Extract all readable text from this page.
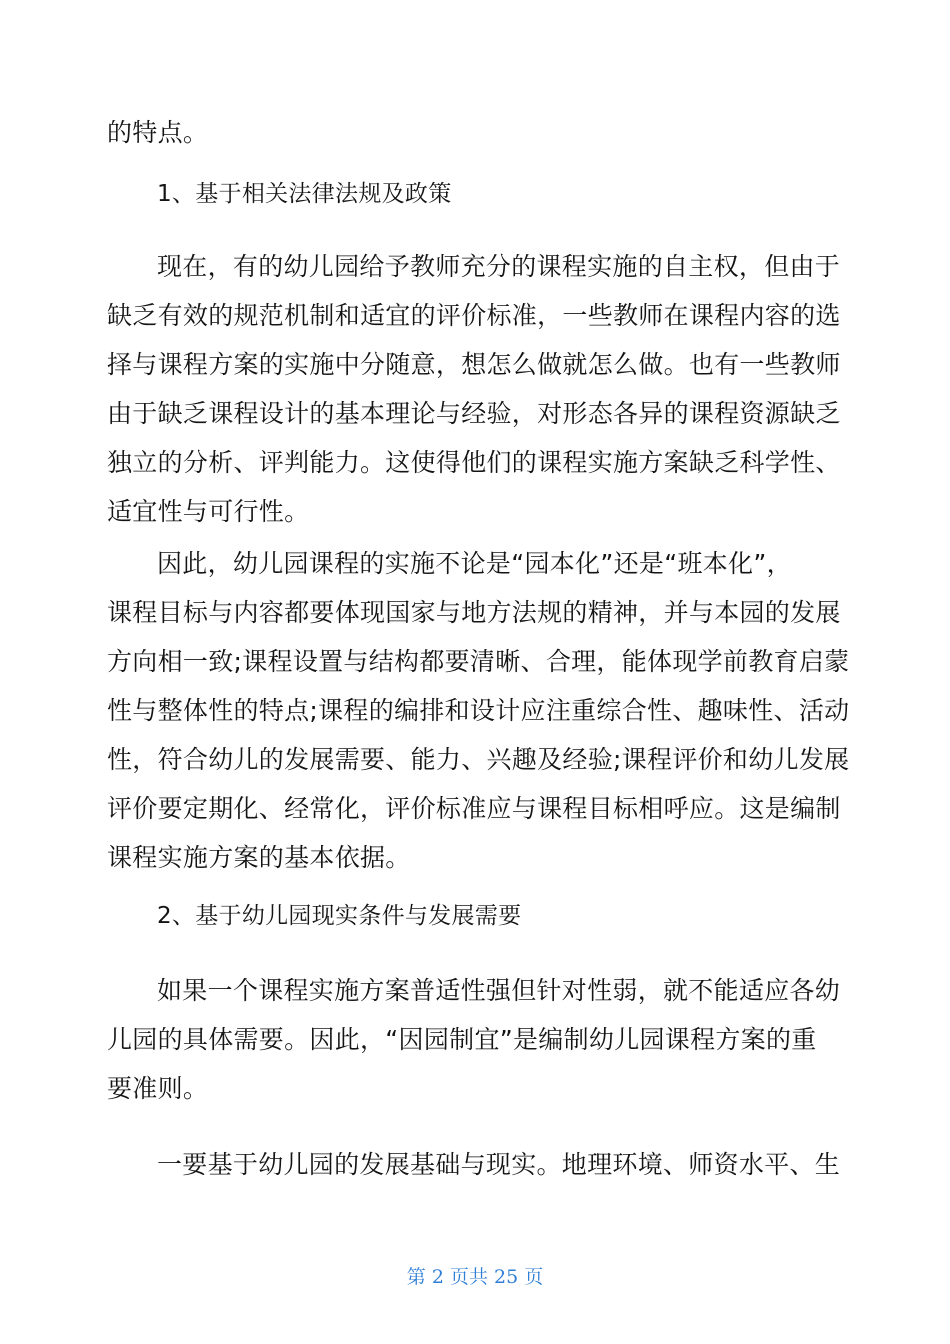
的特点。
1、基于相关法律法规及政策
现在，有的幼儿园给予教师充分的课程实施的自主权，但由于
缺乏有效的规范机制和适宜的评价标准，一些教师在课程内容的选
择与课程方案的实施中分随意，想怎么做就怎么做。也有一些教师
由于缺乏课程设计的基本理论与经验，对形态各异的课程资源缺乏
独立的分析、评判能力。这使得他们的课程实施方案缺乏科学性、
适宜性与可行性。
因此，幼儿园课程的实施不论是“园本化”还是“班本化”，
课程目标与内容都要体现国家与地方法规的精神，并与本园的发展
方向相一致;课程设置与结构都要清晰、合理，能体现学前教育启蒙
性与整体性的特点;课程的编排和设计应注重综合性、趣味性、活动
性，符合幼儿的发展需要、能力、兴趣及经验;课程评价和幼儿发展
评价要定期化、经常化，评价标准应与课程目标相呼应。这是编制
课程实施方案的基本依据。
2、基于幼儿园现实条件与发展需要
如果一个课程实施方案普适性强但针对性弱，就不能适应各幼
儿园的具体需要。因此，“因园制宜”是编制幼儿园课程方案的重
要准则。
一要基于幼儿园的发展基础与现实。地理环境、师资水平、生
第 2 页共 25 页
